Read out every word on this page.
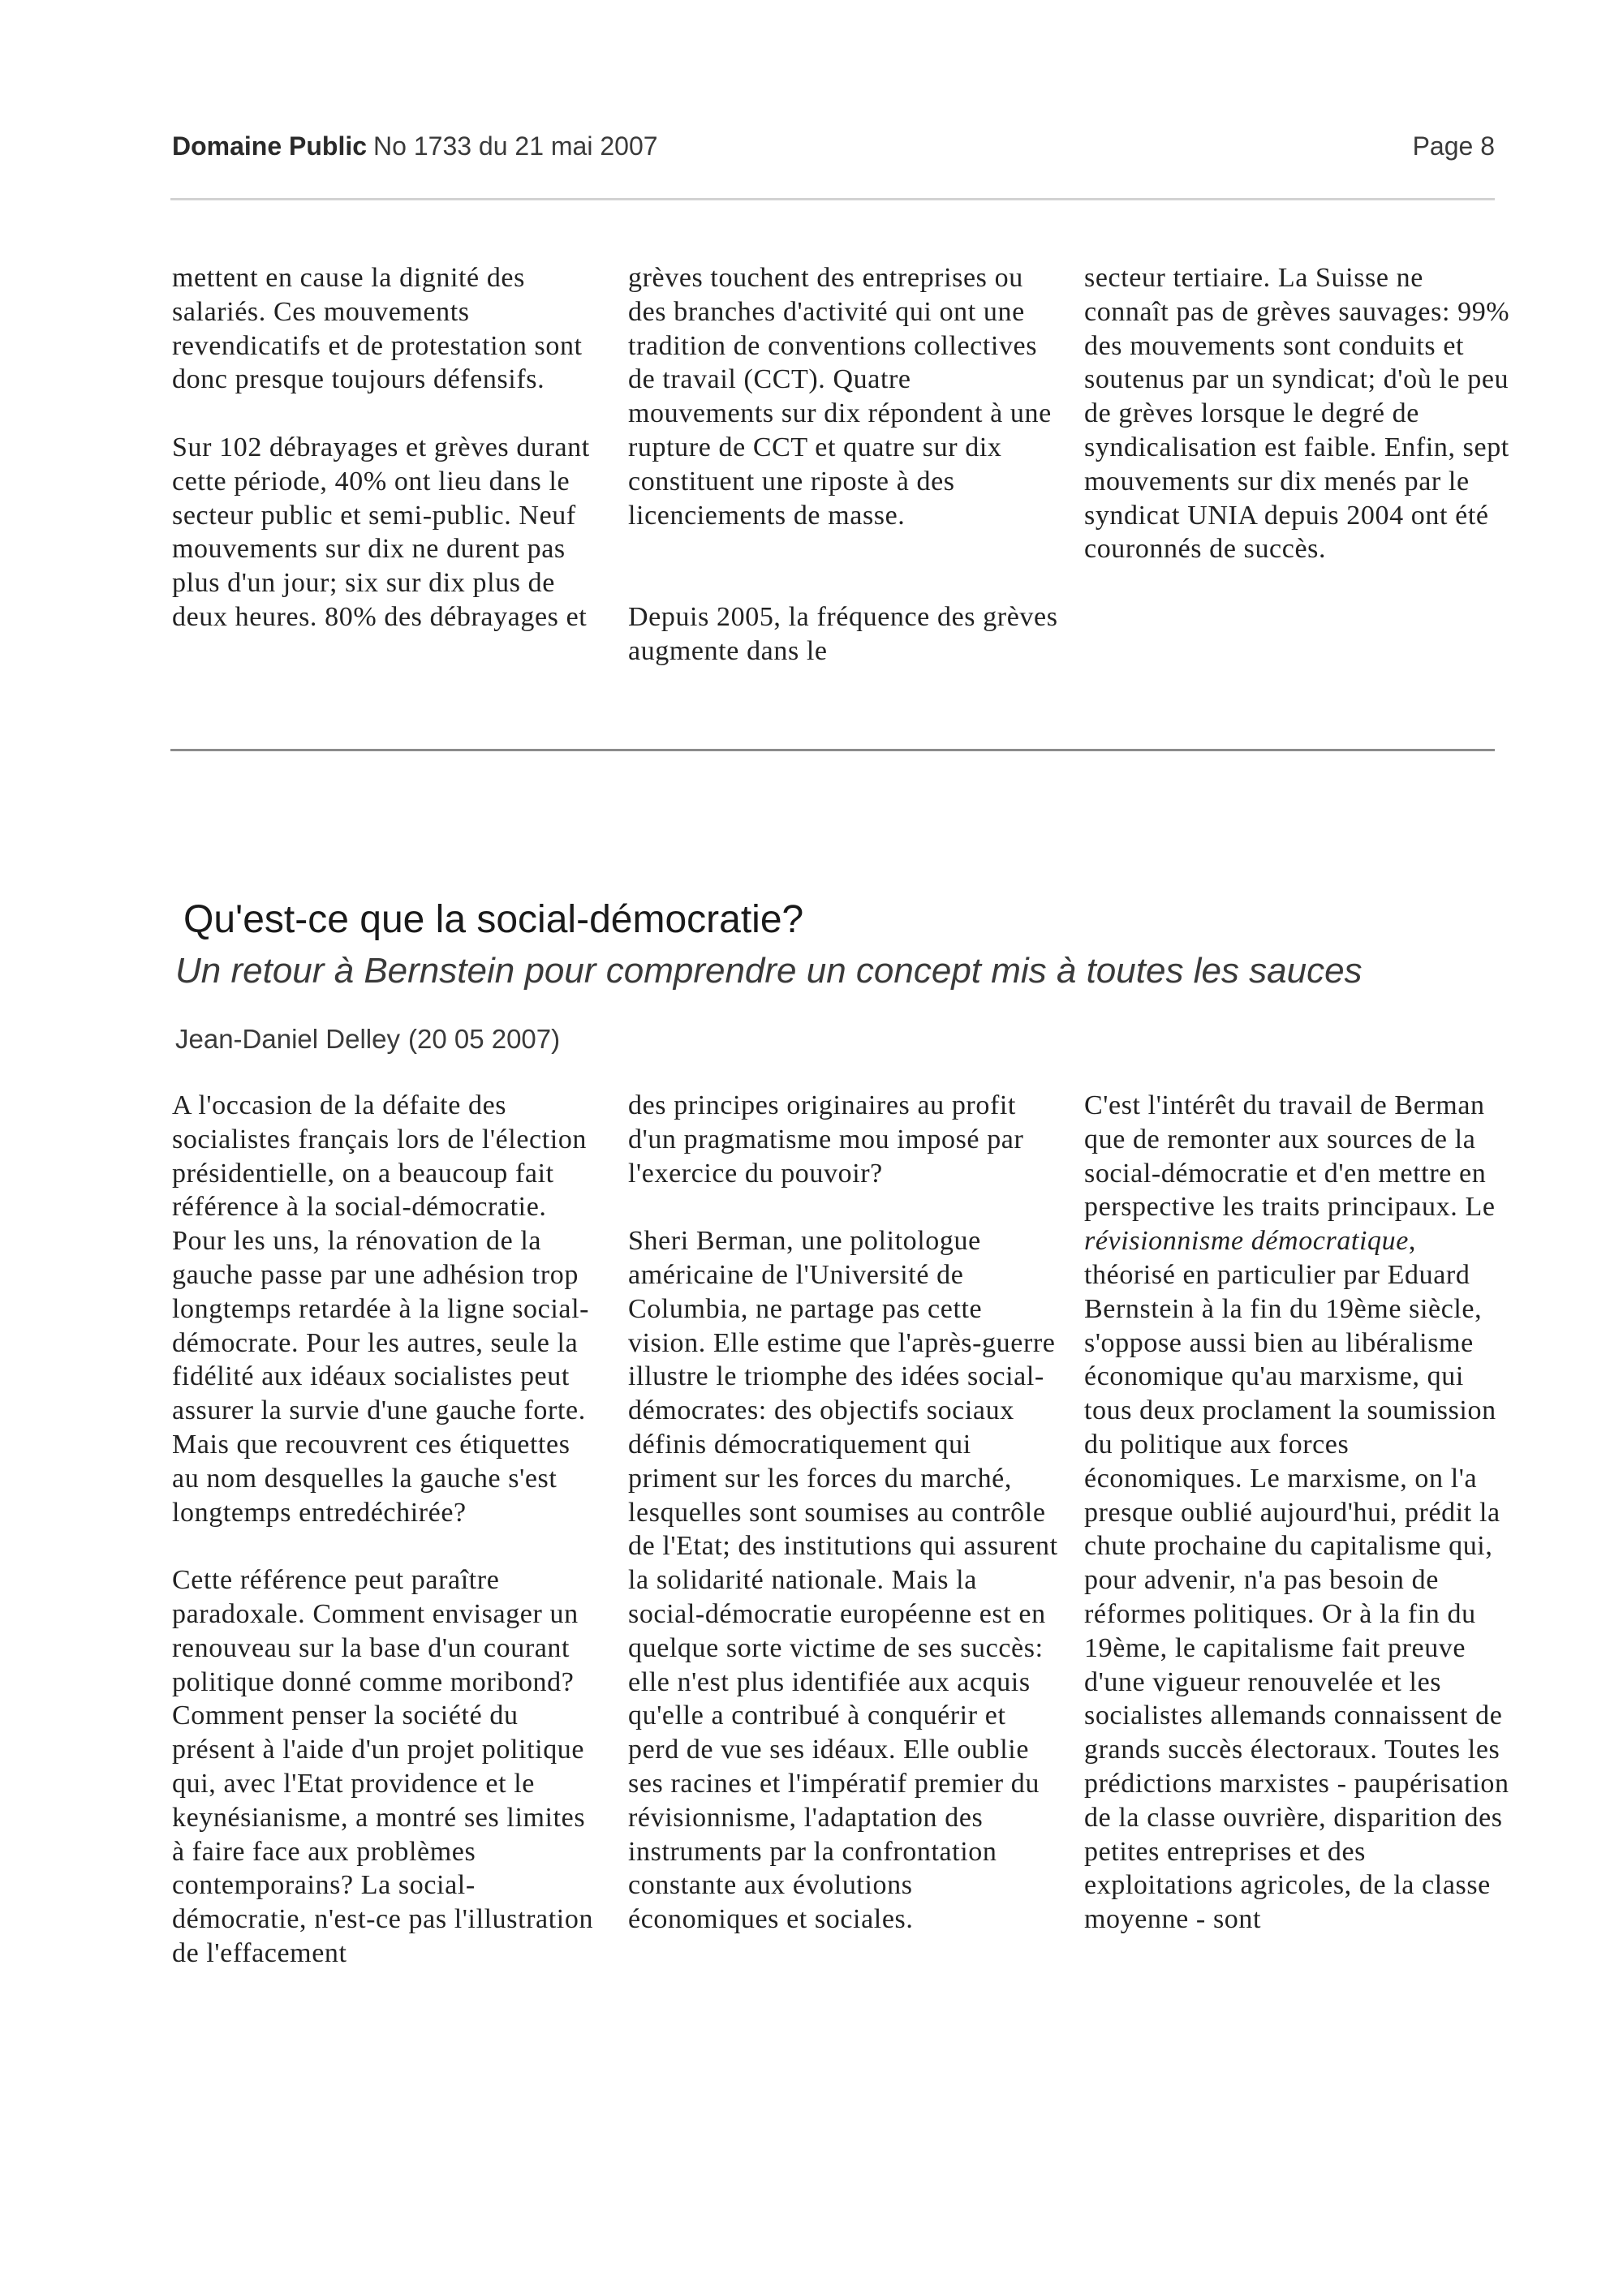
Domaine Public No 1733 du 21 mai 2007	Page 8

mettent en cause la dignité des salariés. Ces mouvements revendicatifs et de protestation sont donc presque toujours défensifs.

Sur 102 débrayages et grèves durant cette période, 40% ont lieu dans le secteur public et semi-public. Neuf mouvements sur dix ne durent pas plus d'un jour; six sur dix plus de deux heures. 80% des débrayages et

grèves touchent des entreprises ou des branches d'activité qui ont une tradition de conventions collectives de travail (CCT). Quatre mouvements sur dix répondent à une rupture de CCT et quatre sur dix constituent une riposte à des licenciements de masse.

Depuis 2005, la fréquence des grèves augmente dans le

secteur tertiaire. La Suisse ne connaît pas de grèves sauvages: 99% des mouvements sont conduits et soutenus par un syndicat; d'où le peu de grèves lorsque le degré de syndicalisation est faible. Enfin, sept mouvements sur dix menés par le syndicat UNIA depuis 2004 ont été couronnés de succès.

Qu'est-ce que la social-démocratie?
Un retour à Bernstein pour comprendre un concept mis à toutes les sauces
Jean-Daniel Delley (20 05 2007)

A l'occasion de la défaite des socialistes français lors de l'élection présidentielle, on a beaucoup fait référence à la social-démocratie. Pour les uns, la rénovation de la gauche passe par une adhésion trop longtemps retardée à la ligne social-démocrate. Pour les autres, seule la fidélité aux idéaux socialistes peut assurer la survie d'une gauche forte. Mais que recouvrent ces étiquettes au nom desquelles la gauche s'est longtemps entredéchirée?

Cette référence peut paraître paradoxale. Comment envisager un renouveau sur la base d'un courant politique donné comme moribond? Comment penser la société du présent à l'aide d'un projet politique qui, avec l'Etat providence et le keynésianisme, a montré ses limites à faire face aux problèmes contemporains? La social-démocratie, n'est-ce pas l'illustration de l'effacement

des principes originaires au profit d'un pragmatisme mou imposé par l'exercice du pouvoir?

Sheri Berman, une politologue américaine de l'Université de Columbia, ne partage pas cette vision. Elle estime que l'après-guerre illustre le triomphe des idées social-démocrates: des objectifs sociaux définis démocratiquement qui priment sur les forces du marché, lesquelles sont soumises au contrôle de l'Etat; des institutions qui assurent la solidarité nationale. Mais la social-démocratie européenne est en quelque sorte victime de ses succès: elle n'est plus identifiée aux acquis qu'elle a contribué à conquérir et perd de vue ses idéaux. Elle oublie ses racines et l'impératif premier du révisionnisme, l'adaptation des instruments par la confrontation constante aux évolutions économiques et sociales.

C'est l'intérêt du travail de Berman que de remonter aux sources de la social-démocratie et d'en mettre en perspective les traits principaux. Le révisionnisme démocratique, théorisé en particulier par Eduard Bernstein à la fin du 19ème siècle, s'oppose aussi bien au libéralisme économique qu'au marxisme, qui tous deux proclament la soumission du politique aux forces économiques. Le marxisme, on l'a presque oublié aujourd'hui, prédit la chute prochaine du capitalisme qui, pour advenir, n'a pas besoin de réformes politiques. Or à la fin du 19ème, le capitalisme fait preuve d'une vigueur renouvelée et les socialistes allemands connaissent de grands succès électoraux. Toutes les prédictions marxistes - paupérisation de la classe ouvrière, disparition des petites entreprises et des exploitations agricoles, de la classe moyenne - sont
